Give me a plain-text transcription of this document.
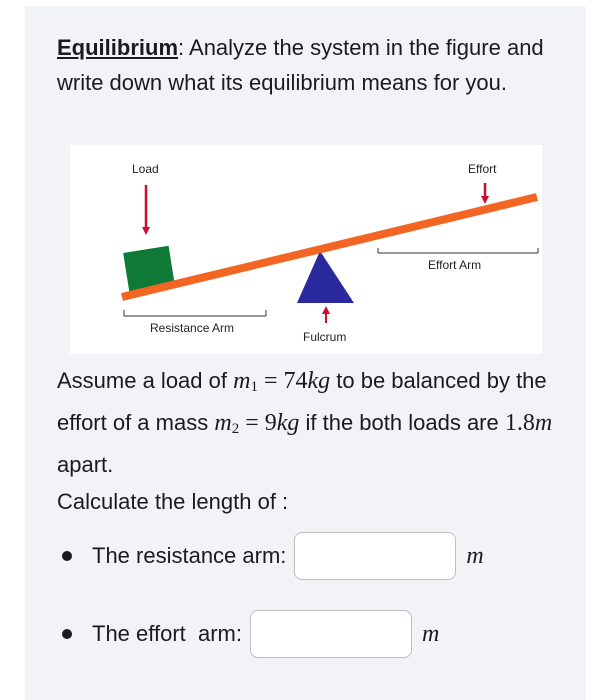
Equilibrium: Analyze the system in the figure and write down what its equilibrium means for you.
Load	Effort
Effort Arm
Resistance Arm
Fulcrum
Assume a load of $m_1 = 74kg$ to be balanced by the effort of a mass $m_2 = 9kg$ if the both loads are 1.8m apart.
Calculate the length of :
The resistance arm:	m
The effort  arm:	m
